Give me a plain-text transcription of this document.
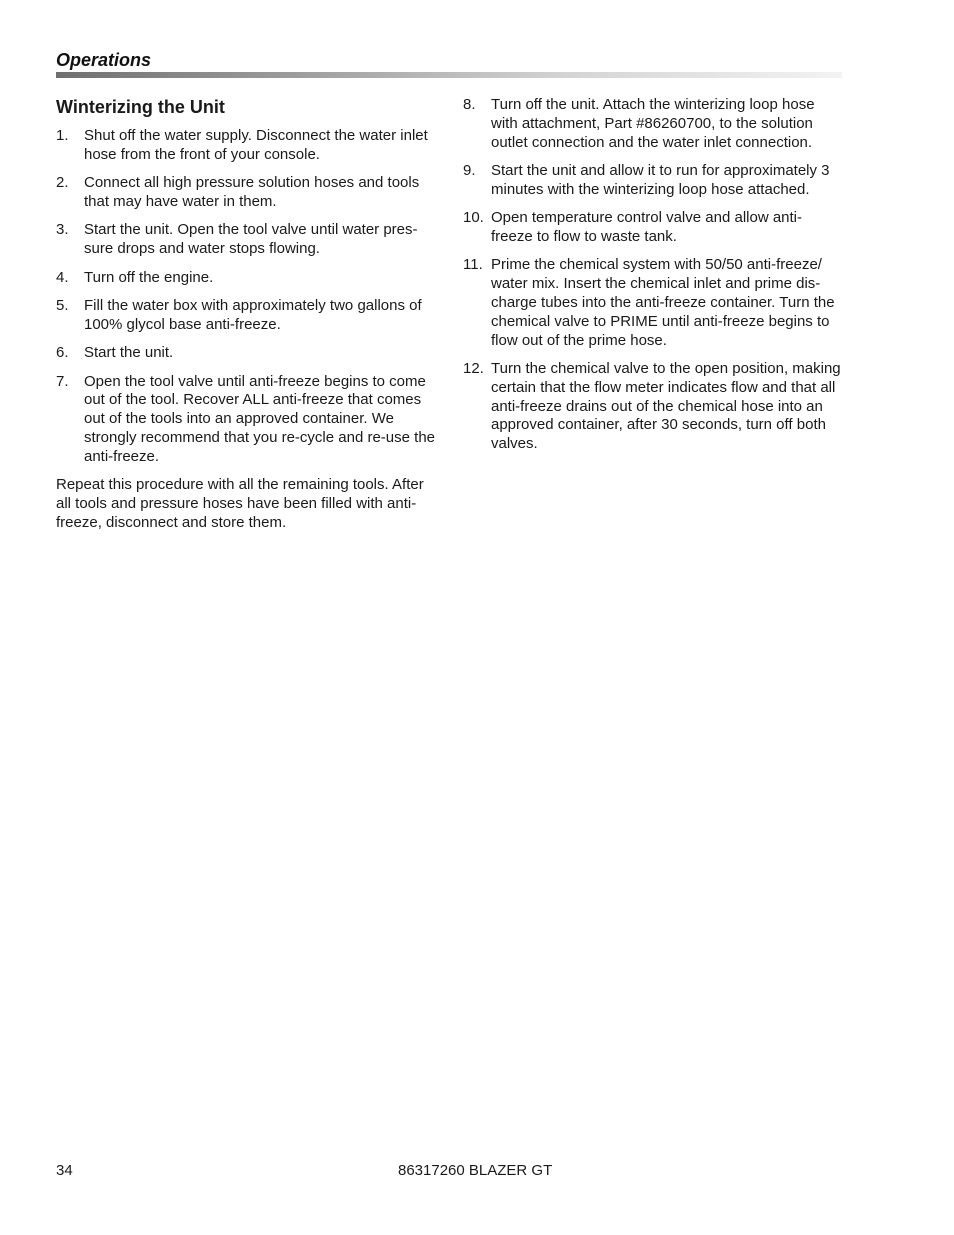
Operations
Winterizing the Unit
1.	Shut off the water supply. Disconnect the water inlet hose from the front of your console.
2.	Connect all high pressure solution hoses and tools that may have water in them.
3.	Start the unit. Open the tool valve until water pres-sure drops and water stops flowing.
4.	Turn off the engine.
5.	Fill the water box with approximately two gallons of 100% glycol base anti-freeze.
6.	Start the unit.
7.	Open the tool valve until anti-freeze begins to come out of the tool. Recover ALL anti-freeze that comes out of the tools into an approved container. We strongly recommend that you re-cycle and re-use the anti-freeze.

Repeat this procedure with all the remaining tools. After all tools and pressure hoses have been filled with anti-freeze, disconnect and store them.

8.	Turn off the unit. Attach the winterizing loop hose with attachment, Part #86260700, to the solution outlet connection and the water inlet connection.
9.	Start the unit and allow it to run for approximately 3 minutes with the winterizing loop hose attached.
10. Open temperature control valve and allow anti-freeze to flow to waste tank.
11. Prime the chemical system with 50/50 anti-freeze/ water mix. Insert the chemical inlet and prime dis-charge tubes into the anti-freeze container. Turn the chemical valve to PRIME until anti-freeze begins to flow out of the prime hose.
12. Turn the chemical valve to the open position, making certain that the flow meter indicates flow and that all anti-freeze drains out of the chemical hose into an approved container, after 30 seconds, turn off both valves.
34	86317260 BLAZER GT
